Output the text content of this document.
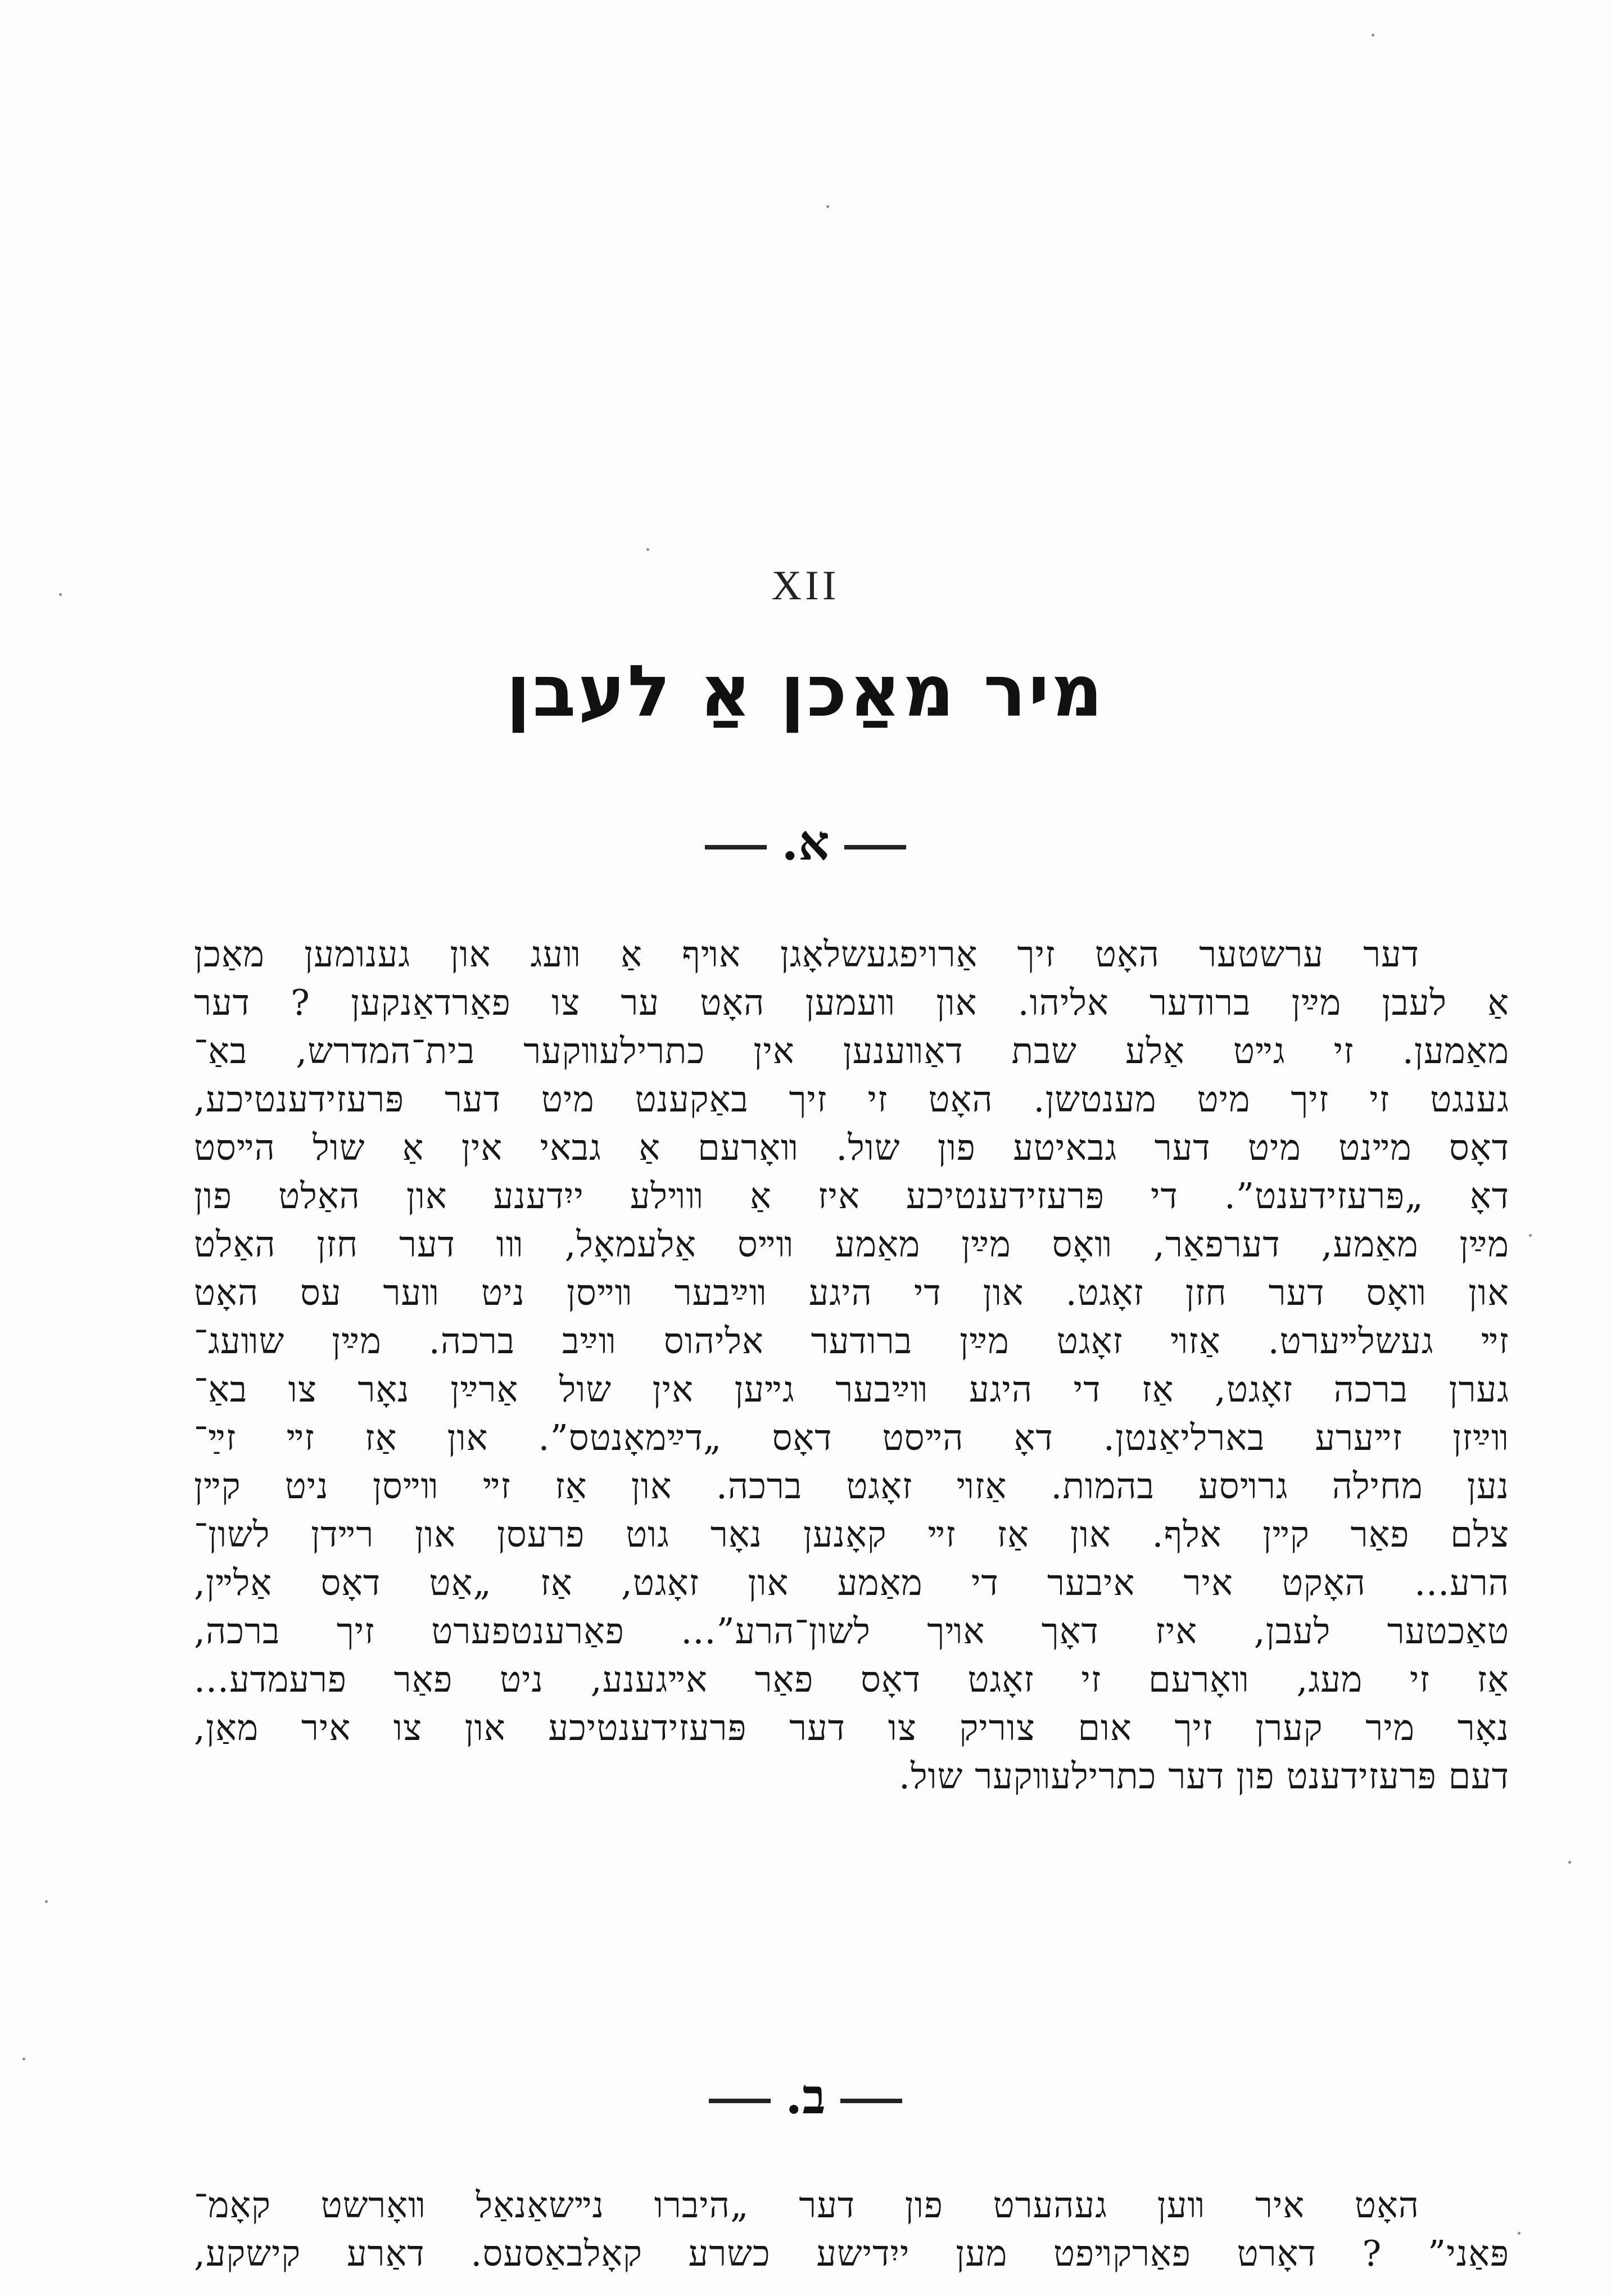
XII
מיר מאַכן אַ לעבן
א.
דער ערשטער האָט זיך אַרויפגעשלאָגן אױף אַ װעג און גענומען מאַכן
אַ לעבן מײַן ברודער אליהו. און װעמען האָט ער צו פאַרדאַנקען ? דער
מאַמען. זי גײט אַלע שבת דאַװענען אין כתרילעװקער בית־המדרש, באַ־
גענגט זי זיך מיט מענטשן. האָט זי זיך באַקענט מיט דער פּרעזידענטיכע,
דאָס מײנט מיט דער גבאיטע פון שול. װאָרעם אַ גבאי אין אַ שול הײסט
דאָ „פּרעזידענט”. די פּרעזידענטיכע איז אַ װױלע ייִדענע און האַלט פון
מײַן מאַמע, דערפאַר, װאָס מײַן מאַמע װײס אַלעמאָל, װו דער חזן האַלט
און װאָס דער חזן זאָגט. און די היגע װײַבער װײסן ניט װער עס האָט
זײ געשלײערט. אַזױ זאָגט מײַן ברודער אליהוס װײַב ברכה. מײַן שװעג־
גערן ברכה זאָגט, אַז די היגע װײַבער גײען אין שול אַרײַן נאָר צו באַ־
װײַזן זײערע בארליאַנטן. דאָ הײסט דאָס „דײַמאָנטס”. און אַז זײ זײַ־
נען מחילה גרױסע בהמות. אַזױ זאָגט ברכה. און אַז זײ װײסן ניט קײן
צלם פאַר קײן אלף. און אַז זײ קאָנען נאָר גוט פרעסן און רײדן לשון־
הרע... האָקט איר איבער די מאַמע און זאָגט, אַז „אַט דאָס אַלײן,
טאַכטער לעבן, איז דאָך אױך לשון־הרע”... פאַרענטפערט זיך ברכה,
אַז זי מעג, װאָרעם זי זאָגט דאָס פאַר אײגענע, ניט פאַר פרעמדע...
נאָר מיר קערן זיך אום צוריק צו דער פּרעזידענטיכע און צו איר מאַן,
דעם פּרעזידענט פון דער כתרילעװקער שול.
ב.
האָט איר װען געהערט פון דער „היברו נײשאַנאַל װאָרשט קאָמ־
פּאַני” ? דאָרט פאַרקױפט מען ייִדישע כשרע קאָלבאַסעס. דאַרע קישקע,
